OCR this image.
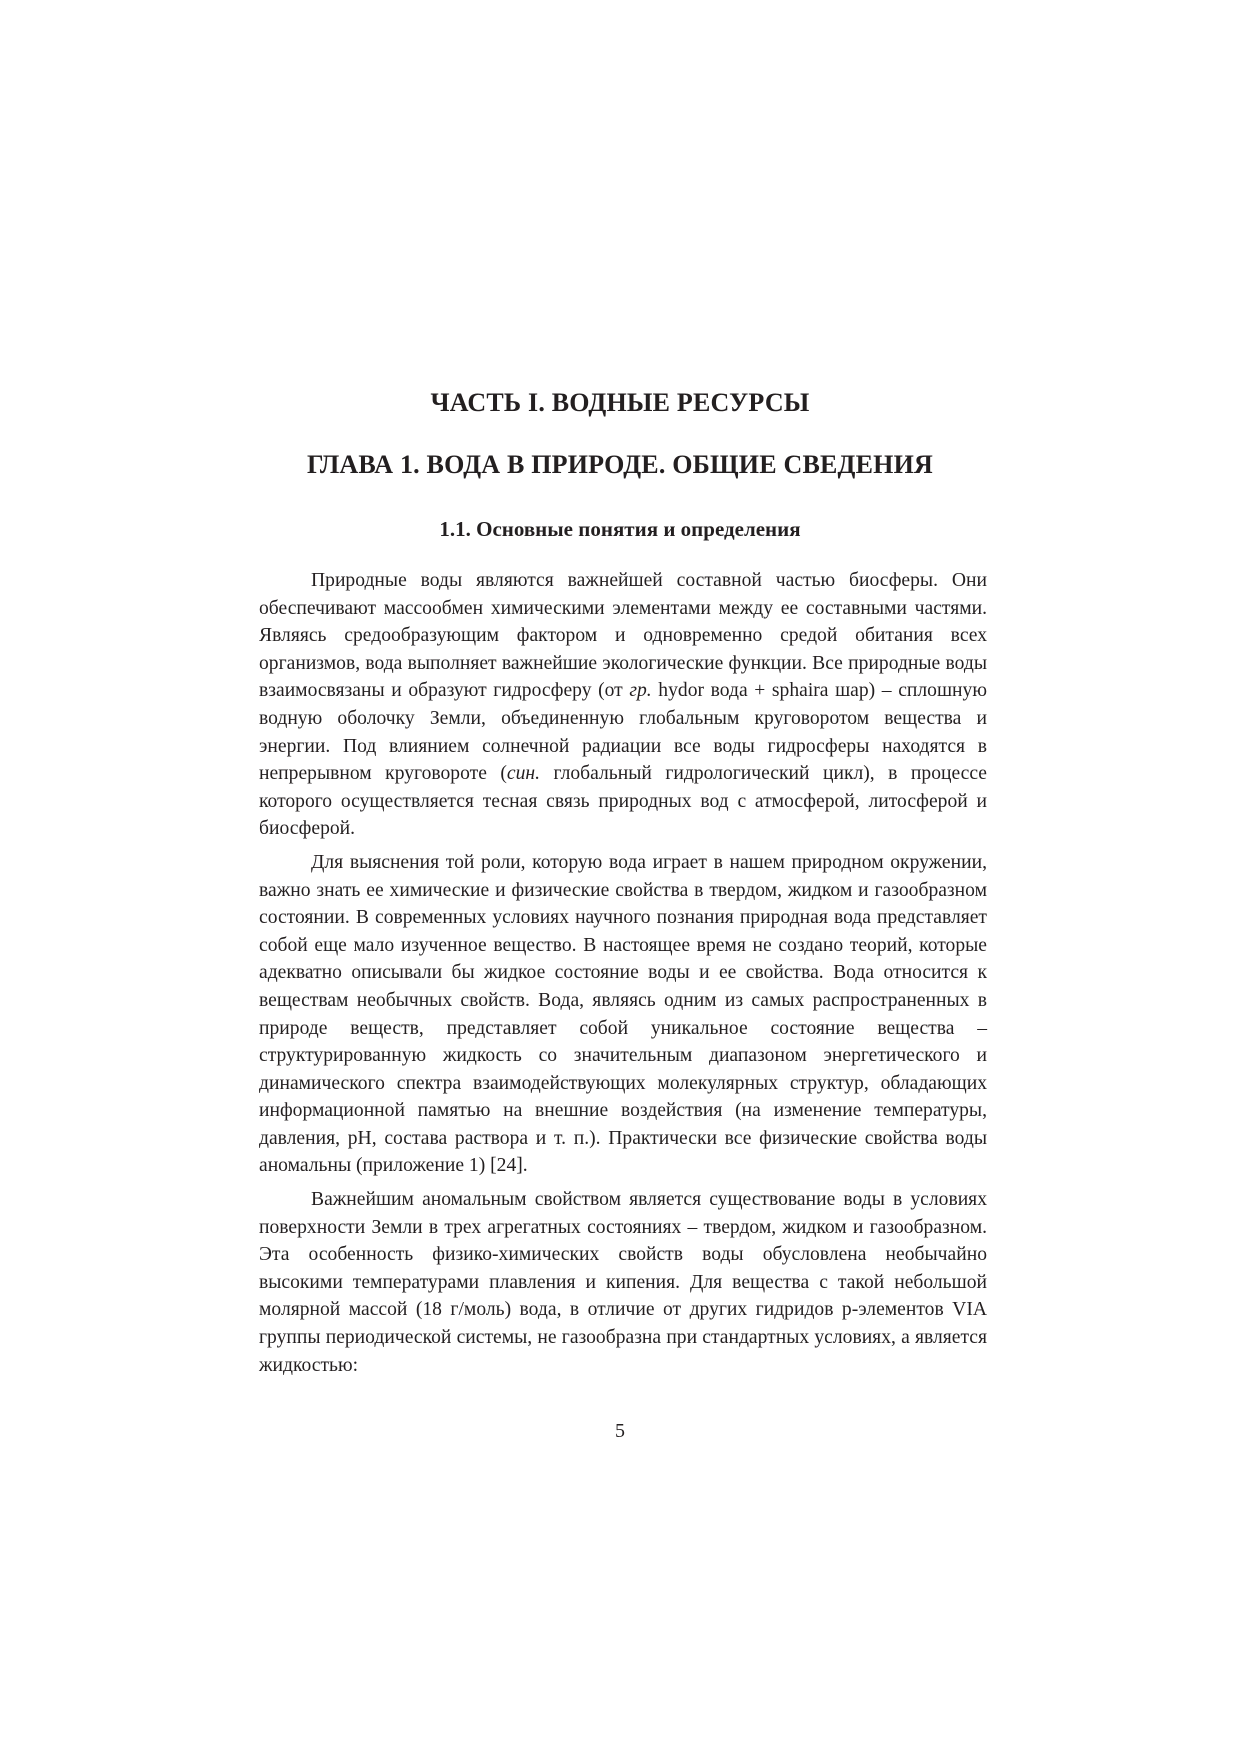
ЧАСТЬ I. ВОДНЫЕ РЕСУРСЫ
ГЛАВА 1. ВОДА В ПРИРОДЕ. ОБЩИЕ СВЕДЕНИЯ
1.1. Основные понятия и определения

Природные воды являются важнейшей составной частью биосферы. Они обеспечивают массообмен химическими элементами между ее составными частями. Являясь средообразующим фактором и одновременно средой обитания всех организмов, вода выполняет важнейшие экологические функции. Все природные воды взаимосвязаны и образуют гидросферу (от гр. hydor вода + sphaira шар) – сплошную водную оболочку Земли, объединенную глобальным круговоротом вещества и энергии. Под влиянием солнечной радиации все воды гидросферы находятся в непрерывном круговороте (син. глобальный гидрологический цикл), в процессе которого осуществляется тесная связь природных вод с атмосферой, литосферой и биосферой.

Для выяснения той роли, которую вода играет в нашем природном окружении, важно знать ее химические и физические свойства в твердом, жидком и газообразном состоянии. В современных условиях научного познания природная вода представляет собой еще мало изученное вещество. В настоящее время не создано теорий, которые адекватно описывали бы жидкое состояние воды и ее свойства. Вода относится к веществам необычных свойств. Вода, являясь одним из самых распространенных в природе веществ, представляет собой уникальное состояние вещества – структурированную жидкость со значительным диапазоном энергетического и динамического спектра взаимодействующих молекулярных структур, обладающих информационной памятью на внешние воздействия (на изменение температуры, давления, pH, состава раствора и т. п.). Практически все физические свойства воды аномальны (приложение 1) [24].

Важнейшим аномальным свойством является существование воды в условиях поверхности Земли в трех агрегатных состояниях – твердом, жидком и газообразном. Эта особенность физико-химических свойств воды обусловлена необычайно высокими температурами плавления и кипения. Для вещества с такой небольшой молярной массой (18 г/моль) вода, в отличие от других гидридов p-элементов VIA группы периодической системы, не газообразна при стандартных условиях, а является жидкостью:

5
